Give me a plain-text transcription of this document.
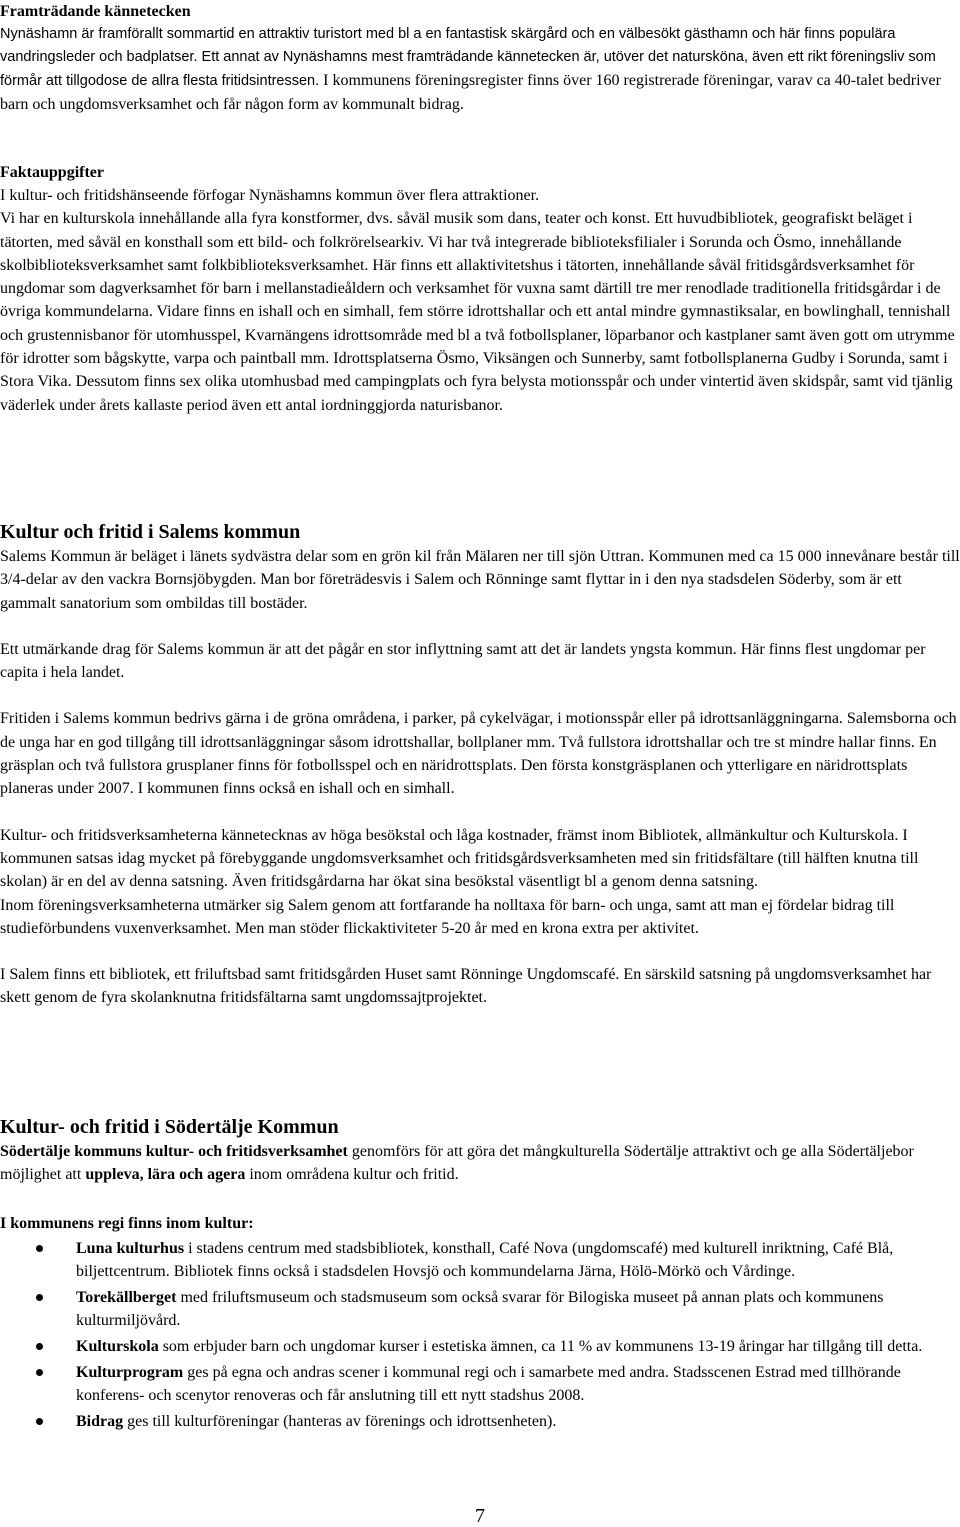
Framträdande kännetecken
Nynäshamn är framförallt sommartid en attraktiv turistort med bl a en fantastisk skärgård och en välbesökt gästhamn och här finns populära vandringsleder och badplatser. Ett annat av Nynäshamns mest framträdande kännetecken är, utöver det natursköna, även ett rikt föreningsliv som förmår att tillgodose de allra flesta fritidsintressen. I kommunens föreningsregister finns över 160 registrerade föreningar, varav ca 40-talet bedriver barn och ungdomsverksamhet och får någon form av kommunalt bidrag.
Faktauppgifter

I kultur- och fritidshänseende förfogar Nynäshamns kommun över flera attraktioner.

Vi har en kulturskola innehållande alla fyra konstformer, dvs. såväl musik som dans, teater och konst. Ett huvudbibliotek, geografiskt beläget i tätorten, med såväl en konsthall som ett bild- och folkrörelsearkiv. Vi har två integrerade biblioteksfilialer i Sorunda och Ösmo, innehållande skolbiblioteksverksamhet samt folkbiblioteksverksamhet. Här finns ett allaktivitetshus i tätorten, innehållande såväl fritidsgårdsverksamhet för ungdomar som dagverksamhet för barn i mellanstadieåldern och verksamhet för vuxna samt därtill tre mer renodlade traditionella fritidsgårdar i de övriga kommundelarna. Vidare finns en ishall och en simhall, fem större idrottshallar och ett antal mindre gymnastiksalar, en bowlinghall, tennishall och grustennisbanor för utomhusspel, Kvarnängens idrottsområde med bl a två fotbollsplaner, löparbanor och kastplaner samt även gott om utrymme för idrotter som bågskytte, varpa och paintball mm. Idrottsplatserna Ösmo, Viksängen och Sunnerby, samt fotbollsplanerna Gudby i Sorunda, samt i Stora Vika. Dessutom finns sex olika utomhusbad med campingplats och fyra belysta motionsspår och under vintertid även skidspår, samt vid tjänlig väderlek under årets kallaste period även ett antal iordninggjorda naturisbanor.

Kultur och fritid i Salems kommun

Salems Kommun är beläget i länets sydvästra delar som en grön kil från Mälaren ner till sjön Uttran. Kommunen med ca 15 000 innevånare består till 3/4-delar av den vackra Bornsjöbygden. Man bor företrädesvis i Salem och Rönninge samt flyttar in i den nya stadsdelen Söderby, som är ett gammalt sanatorium som ombildas till bostäder.

Ett utmärkande drag för Salems kommun är att det pågår en stor inflyttning samt att det är landets yngsta kommun. Här finns flest ungdomar per capita i hela landet.

Fritiden i Salems kommun bedrivs gärna i de gröna områdena, i parker, på cykelvägar, i motionsspår eller på idrottsanläggningarna. Salemsborna och de unga har en god tillgång till idrottsanläggningar såsom idrottshallar, bollplaner mm. Två fullstora idrottshallar och tre st mindre hallar finns. En gräsplan och två fullstora grusplaner finns för fotbollsspel och en näridrottsplats. Den första konstgräsplanen och ytterligare en näridrottsplats planeras under 2007. I kommunen finns också en ishall och en simhall.

Kultur- och fritidsverksamheterna kännetecknas av höga besökstal och låga kostnader, främst inom Bibliotek, allmänkultur och Kulturskola. I kommunen satsas idag mycket på förebyggande ungdomsverksamhet och fritidsgårdsverksamheten med sin fritidsfältare (till hälften knutna till skolan) är en del av denna satsning. Även fritidsgårdarna har ökat sina besökstal väsentligt bl a genom denna satsning.

Inom föreningsverksamheterna utmärker sig Salem genom att fortfarande ha nolltaxa för barn- och unga, samt att man ej fördelar bidrag till studieförbundens vuxenverksamhet. Men man stöder flickaktiviteter 5-20 år med en krona extra per aktivitet.

I Salem finns ett bibliotek, ett friluftsbad samt fritidsgården Huset samt Rönninge Ungdomscafé. En särskild satsning på ungdomsverksamhet har skett genom de fyra skolanknutna fritidsfältarna samt ungdomssajtprojektet.

Kultur- och fritid i Södertälje Kommun

Södertälje kommuns kultur- och fritidsverksamhet genomförs för att göra det mångkulturella Södertälje attraktivt och ge alla Södertäljebor möjlighet att uppleva, lära och agera inom områdena kultur och fritid.

I kommunens regi finns inom kultur:
Luna kulturhus i stadens centrum med stadsbibliotek, konsthall, Café Nova (ungdomscafé) med kulturell inriktning, Café Blå, biljettcentrum. Bibliotek finns också i stadsdelen Hovsjö och kommundelarna Järna, Hölö-Mörkö och Vårdinge.
Torekällberget med friluftsmuseum och stadsmuseum som också svarar för Bilogiska museet på annan plats och kommunens kulturmiljövård.
Kulturskola som erbjuder barn och ungdomar kurser i estetiska ämnen, ca 11 % av kommunens 13-19 åringar har tillgång till detta.
Kulturprogram ges på egna och andras scener i kommunal regi och i samarbete med andra. Stadsscenen Estrad med tillhörande konferens- och scenytor renoveras och får anslutning till ett nytt stadshus 2008.
Bidrag ges till kulturföreningar (hanteras av förenings och idrottsenheten).
7
